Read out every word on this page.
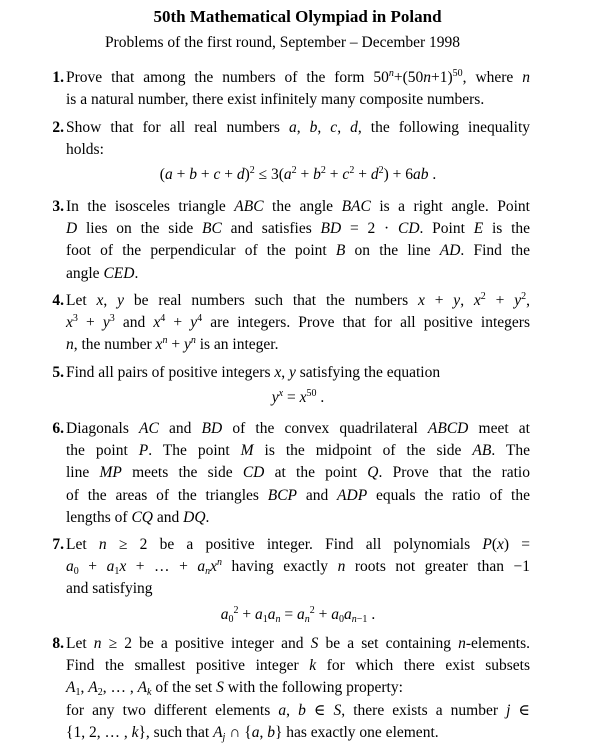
50th Mathematical Olympiad in Poland
Problems of the first round, September – December 1998
1. Prove that among the numbers of the form $50^n+(50n+1)^{50}$, where n
is a natural number, there exist infinitely many composite numbers.
2. Show that for all real numbers a, b, c, d, the following inequality
holds:
$(a + b + c + d)^2 \le 3(a^2 + b^2 + c^2 + d^2) + 6ab$ .
3. In the isosceles triangle ABC the angle BAC is a right angle. Point
D lies on the side BC and satisfies BD = 2 · CD. Point E is the
foot of the perpendicular of the point B on the line AD. Find the
angle CED.
4. Let x, y be real numbers such that the numbers x + y, $x^2 + y^2$,
$x^3 + y^3$ and $x^4 + y^4$ are integers. Prove that for all positive integers
n, the number $x^n + y^n$ is an integer.
5. Find all pairs of positive integers x, y satisfying the equation
$y^x = x^{50}$ .
6. Diagonals AC and BD of the convex quadrilateral ABCD meet at
the point P. The point M is the midpoint of the side AB. The
line MP meets the side CD at the point Q. Prove that the ratio
of the areas of the triangles BCP and ADP equals the ratio of the
lengths of CQ and DQ.
7. Let n ≥ 2 be a positive integer. Find all polynomials P(x) =
$a_0 + a_1x$ + … + $a_nx^n$ having exactly n roots not greater than −1
and satisfying
$a_0^2 + a_1a_n = a_n^2 + a_0a_{n-1}$ .
8. Let n ≥ 2 be a positive integer and S be a set containing n-elements.
Find the smallest positive integer k for which there exist subsets
$A_1$, $A_2$, … , $A_k$ of the set S with the following property:
for any two different elements a, b ∈ S, there exists a number j ∈
{1, 2, … , k}, such that $A_j$ ∩ {a, b} has exactly one element.
